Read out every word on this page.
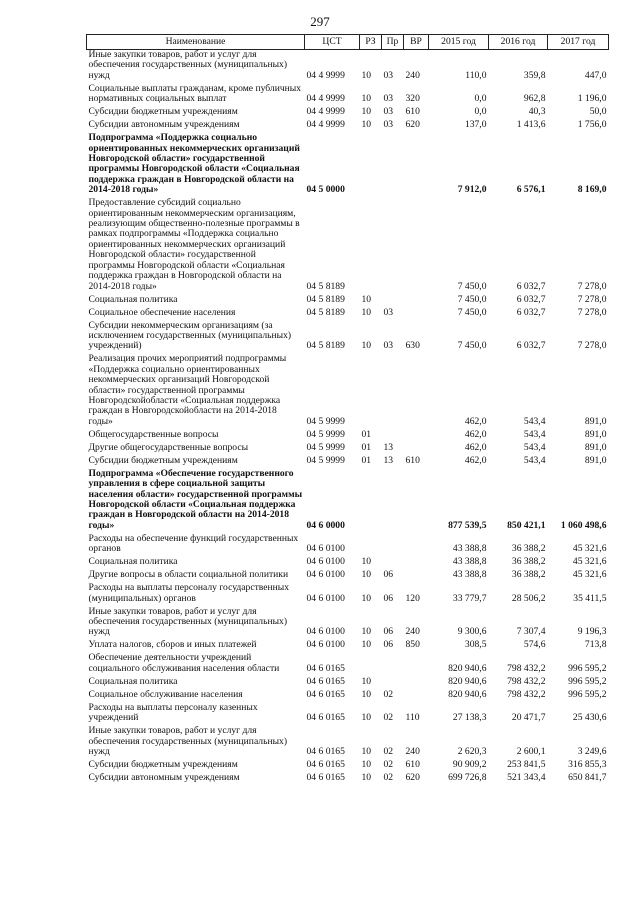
297
Наименование	ЦСТ	РЗ	Пр	ВР	2015 год	2016 год	2017 год
Иные закупки товаров, работ и услуг для обеспечения государственных (муниципальных) нужд	04 4 9999	10	03	240	110,0	359,8	447,0
Социальные выплаты гражданам, кроме публичных нормативных социальных выплат	04 4 9999	10	03	320	0,0	962,8	1 196,0
Субсидии бюджетным учреждениям	04 4 9999	10	03	610	0,0	40,3	50,0
Субсидии автономным учреждениям	04 4 9999	10	03	620	137,0	1 413,6	1 756,0
Подпрограмма «Поддержка социально ориентированных некоммерческих организаций Новгородской области» государственной программы Новгородской области «Социальная поддержка граждан в Новгородской области на 2014-2018 годы»	04 5 0000				7 912,0	6 576,1	8 169,0
Предоставление субсидий социально ориентированным некоммерческим организациям, реализующим общественно-полезные программы в рамках подпрограммы «Поддержка социально ориентированных некоммерческих организаций Новгородской области» государственной программы Новгородской области «Социальная поддержка граждан в Новгородской области на 2014-2018 годы»	04 5 8189				7 450,0	6 032,7	7 278,0
Социальная политика	04 5 8189	10			7 450,0	6 032,7	7 278,0
Социальное обеспечение населения	04 5 8189	10	03		7 450,0	6 032,7	7 278,0
Субсидии некоммерческим организациям (за исключением государственных (муниципальных) учреждений)	04 5 8189	10	03	630	7 450,0	6 032,7	7 278,0
Реализация прочих мероприятий подпрограммы «Поддержка социально ориентированных некоммерческих организаций Новгородской области» государственной программы Новгородскойобласти «Социальная поддержка граждан в Новгородскойобласти на 2014-2018 годы»	04 5 9999				462,0	543,4	891,0
Общегосударственные вопросы	04 5 9999	01			462,0	543,4	891,0
Другие общегосударственные вопросы	04 5 9999	01	13		462,0	543,4	891,0
Субсидии бюджетным учреждениям	04 5 9999	01	13	610	462,0	543,4	891,0
Подпрограмма «Обеспечение государственного управления в сфере социальной защиты населения области» государственной программы Новгородской области «Социальная поддержка граждан в Новгородской области на 2014-2018 годы»	04 6 0000				877 539,5	850 421,1	1 060 498,6
Расходы на обеспечение функций государственных органов	04 6 0100				43 388,8	36 388,2	45 321,6
Социальная политика	04 6 0100	10			43 388,8	36 388,2	45 321,6
Другие вопросы в области социальной политики	04 6 0100	10	06		43 388,8	36 388,2	45 321,6
Расходы на выплаты персоналу государственных (муниципальных) органов	04 6 0100	10	06	120	33 779,7	28 506,2	35 411,5
Иные закупки товаров, работ и услуг для обеспечения государственных (муниципальных) нужд	04 6 0100	10	06	240	9 300,6	7 307,4	9 196,3
Уплата налогов, сборов и иных платежей	04 6 0100	10	06	850	308,5	574,6	713,8
Обеспечение деятельности учреждений социального обслуживания населения области	04 6 0165				820 940,6	798 432,2	996 595,2
Социальная политика	04 6 0165	10			820 940,6	798 432,2	996 595,2
Социальное обслуживание населения	04 6 0165	10	02		820 940,6	798 432,2	996 595,2
Расходы на выплаты персоналу казенных учреждений	04 6 0165	10	02	110	27 138,3	20 471,7	25 430,6
Иные закупки товаров, работ и услуг для обеспечения государственных (муниципальных) нужд	04 6 0165	10	02	240	2 620,3	2 600,1	3 249,6
Субсидии бюджетным учреждениям	04 6 0165	10	02	610	90 909,2	253 841,5	316 855,3
Субсидии автономным учреждениям	04 6 0165	10	02	620	699 726,8	521 343,4	650 841,7
